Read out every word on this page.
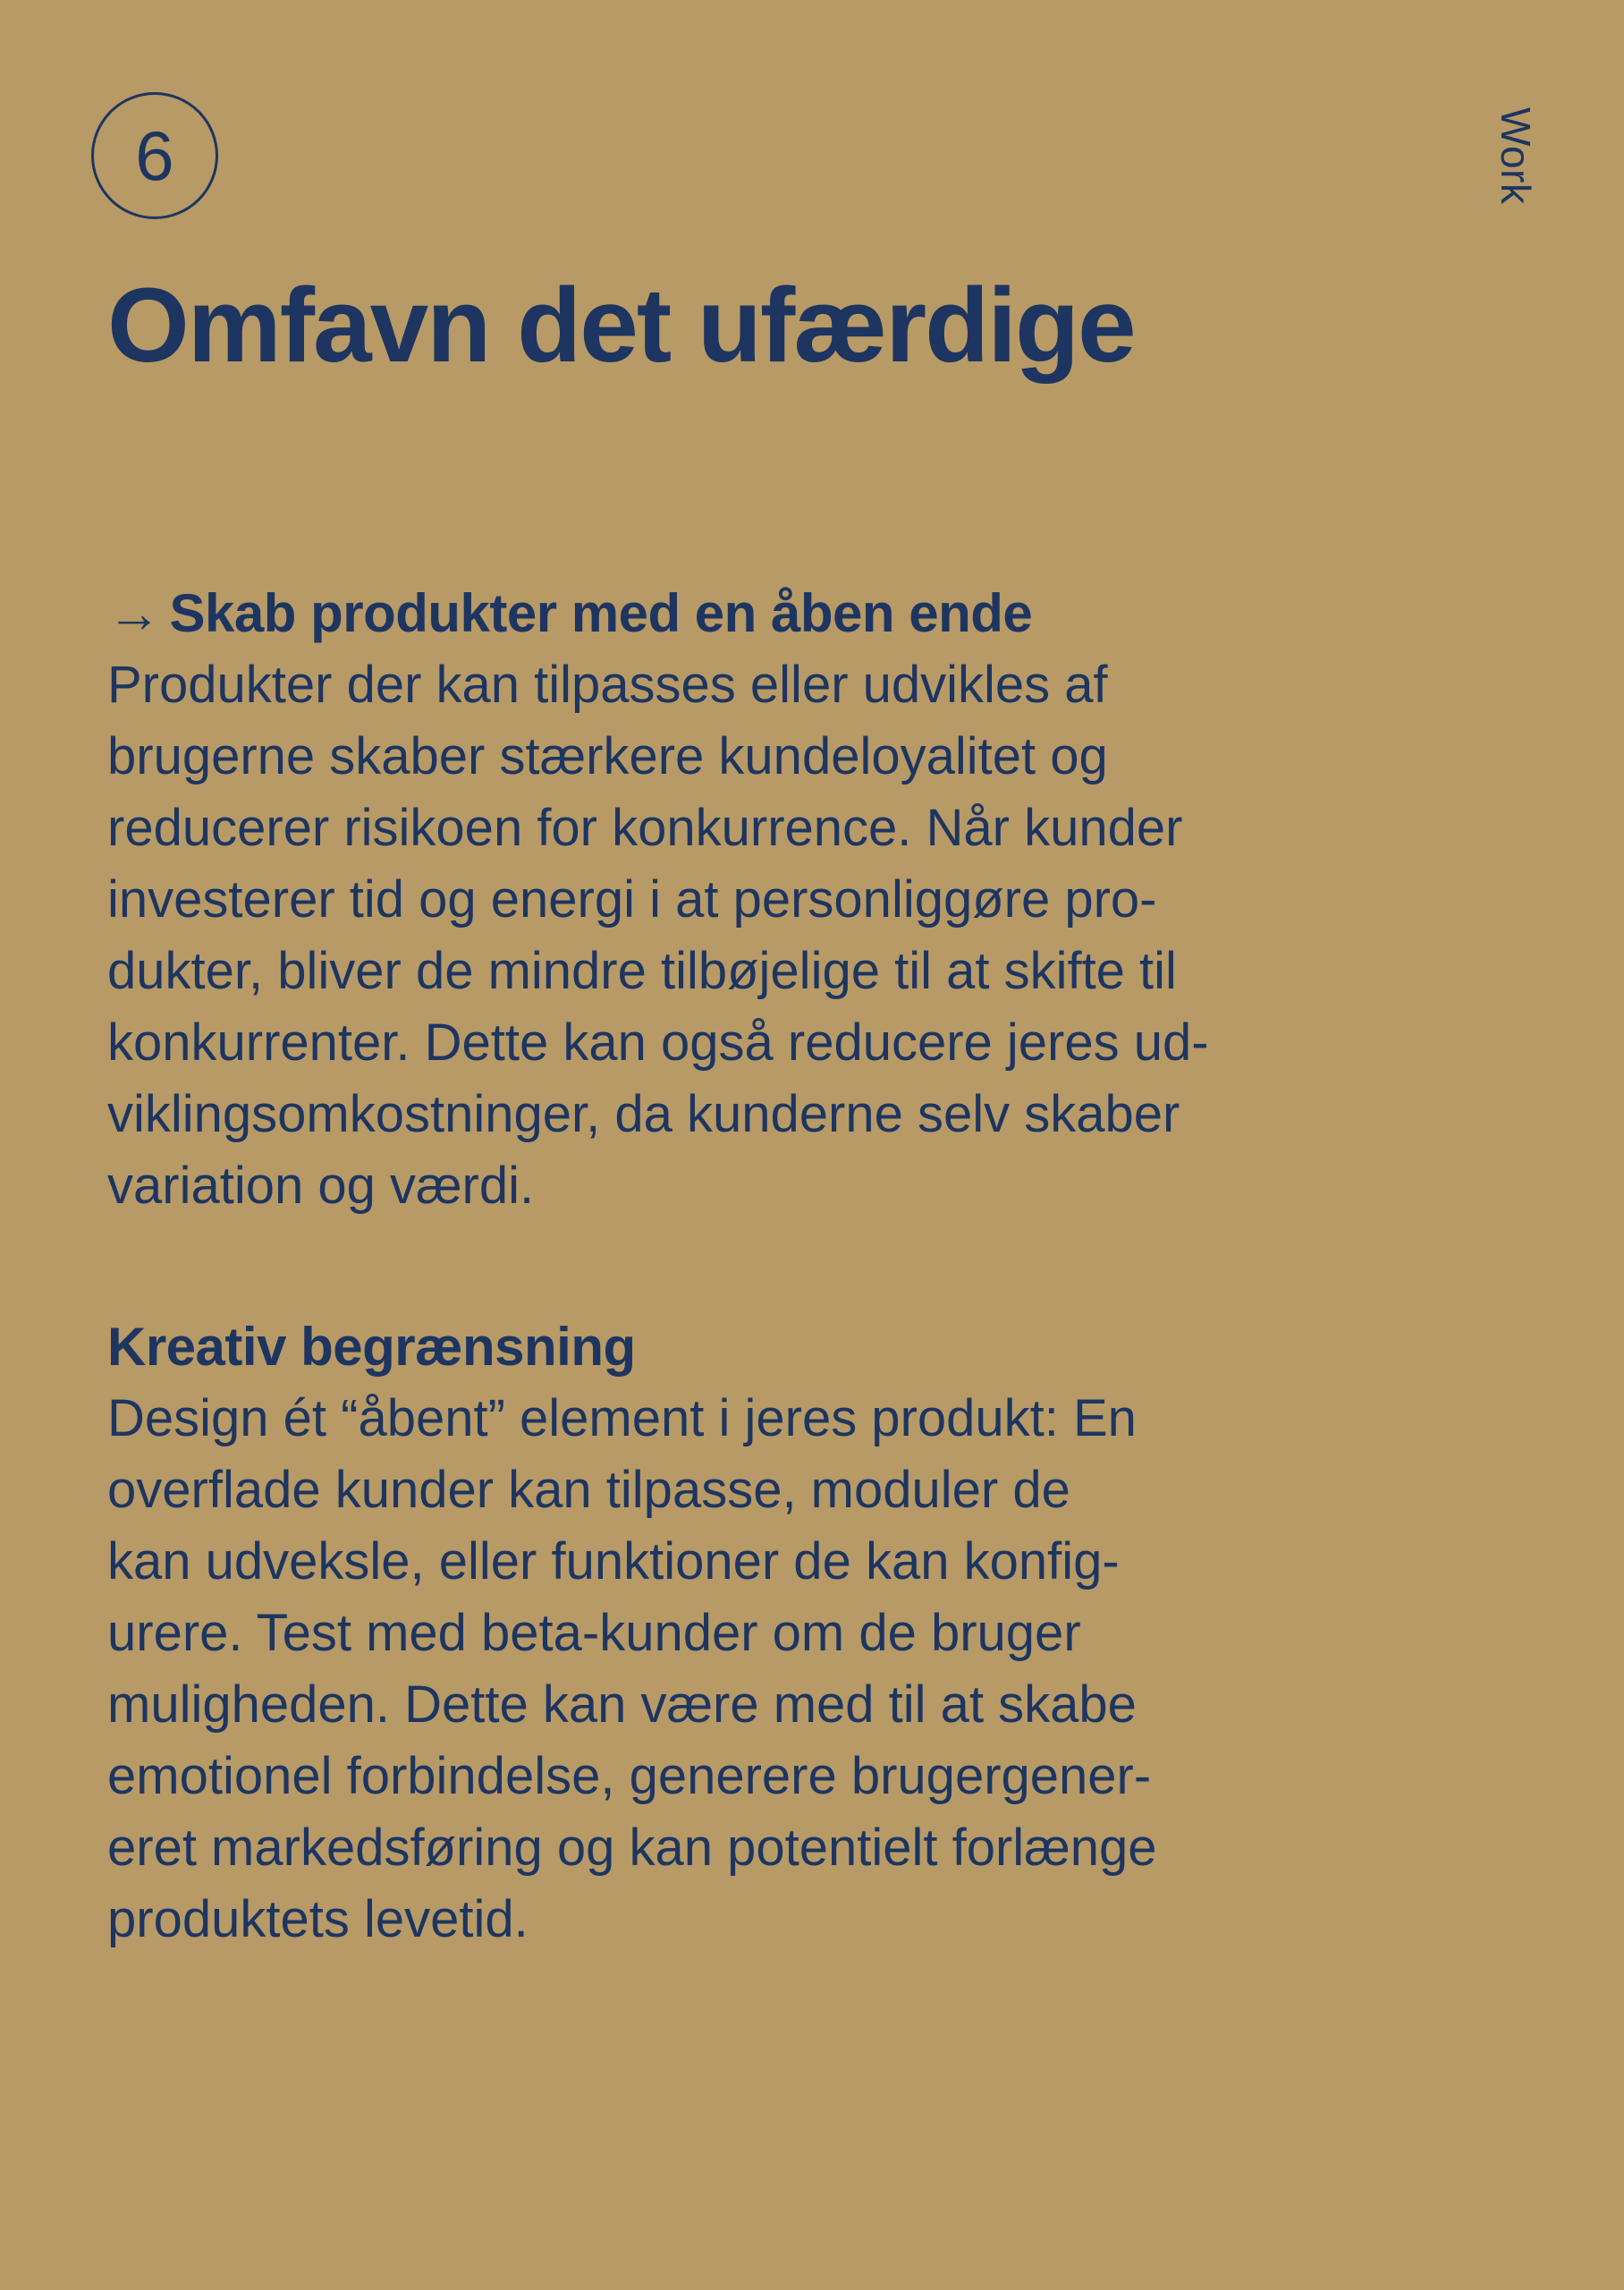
6	Work
Omfavn det ufærdige
→ Skab produkter med en åben ende
Produkter der kan tilpasses eller udvikles af
brugerne skaber stærkere kundeloyalitet og
reducerer risikoen for konkurrence. Når kunder
investerer tid og energi i at personliggøre pro-
dukter, bliver de mindre tilbøjelige til at skifte til
konkurrenter. Dette kan også reducere jeres ud-
viklingsomkostninger, da kunderne selv skaber
variation og værdi.
Kreativ begrænsning
Design ét “åbent” element i jeres produkt: En
overflade kunder kan tilpasse, moduler de
kan udveksle, eller funktioner de kan konfig-
urere. Test med beta-kunder om de bruger
muligheden. Dette kan være med til at skabe
emotionel forbindelse, generere brugergener-
eret markedsføring og kan potentielt forlænge
produktets levetid.
